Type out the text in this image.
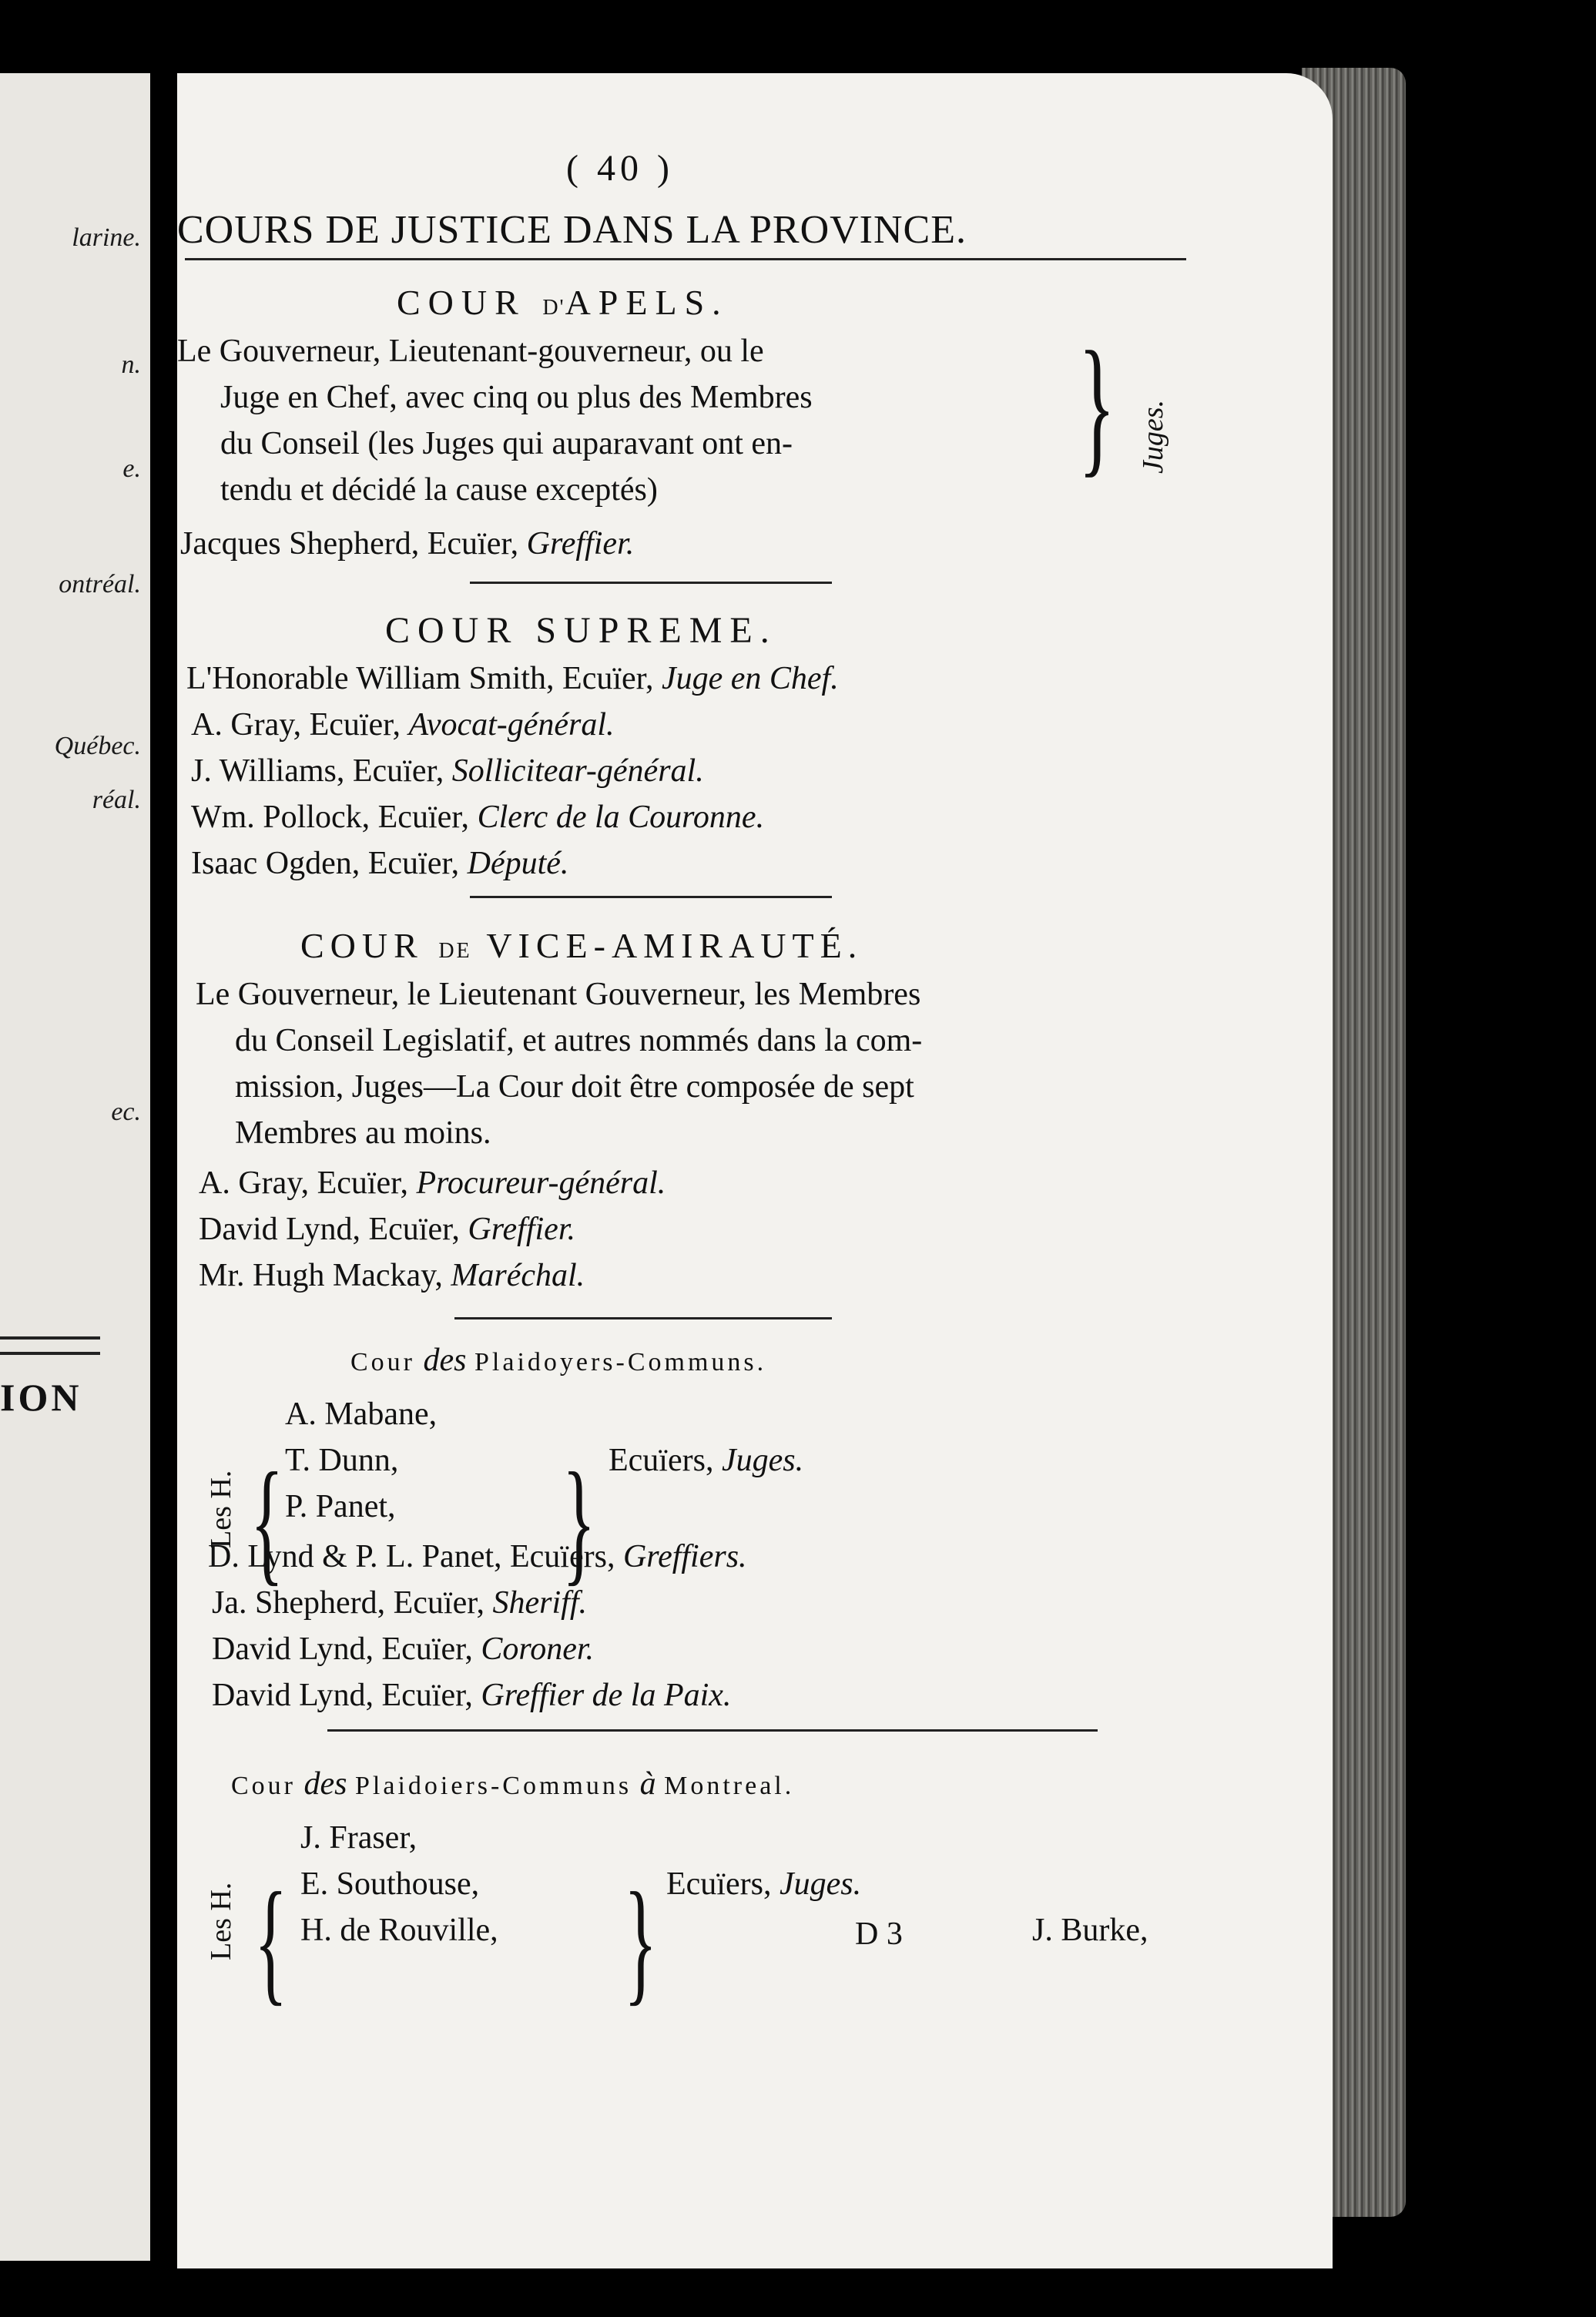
larine.
n.
e.
ontréal.
Québec.
réal.
ec.
ION
( 40 )
COURS DE JUSTICE DANS LA PROVINCE.
COUR D'APELS.
Le Gouverneur, Lieutenant-gouverneur, ou le
Juge en Chef, avec cinq ou plus des Membres
du Conseil (les Juges qui auparavant ont en-
tendu et décidé la cause exceptés)	} Juges.
Jacques Shepherd, Ecuïer, Greffier.
COUR SUPREME.
L'Honorable William Smith, Ecuïer, Juge en Chef.
A. Gray, Ecuïer, Avocat-général.
J. Williams, Ecuïer, Sollicitear-général.
Wm. Pollock, Ecuïer, Clerc de la Couronne.
Isaac Ogden, Ecuïer, Député.
COUR DE VICE-AMIRAUTÉ.
Le Gouverneur, le Lieutenant Gouverneur, les Membres
du Conseil Legislatif, et autres nommés dans la com-
mission, Juges—La Cour doit être composée de sept
Membres au moins.
A. Gray, Ecuïer, Procureur-général.
David Lynd, Ecuïer, Greffier.
Mr. Hugh Mackay, Maréchal.
Cour des Plaidoyers-Communs.
Les H. {
A. Mabane,
T. Dunn,
P. Panet, } Ecuïers, Juges.
D. Lynd & P. L. Panet, Ecuïers, Greffiers.
Ja. Shepherd, Ecuïer, Sheriff.
David Lynd, Ecuïer, Coroner.
David Lynd, Ecuïer, Greffier de la Paix.
Cour des Plaidoiers-Communs à Montreal.
Les H. {
J. Fraser,
E. Southouse,
H. de Rouville, } Ecuïers, Juges.
D 3	J. Burke,
